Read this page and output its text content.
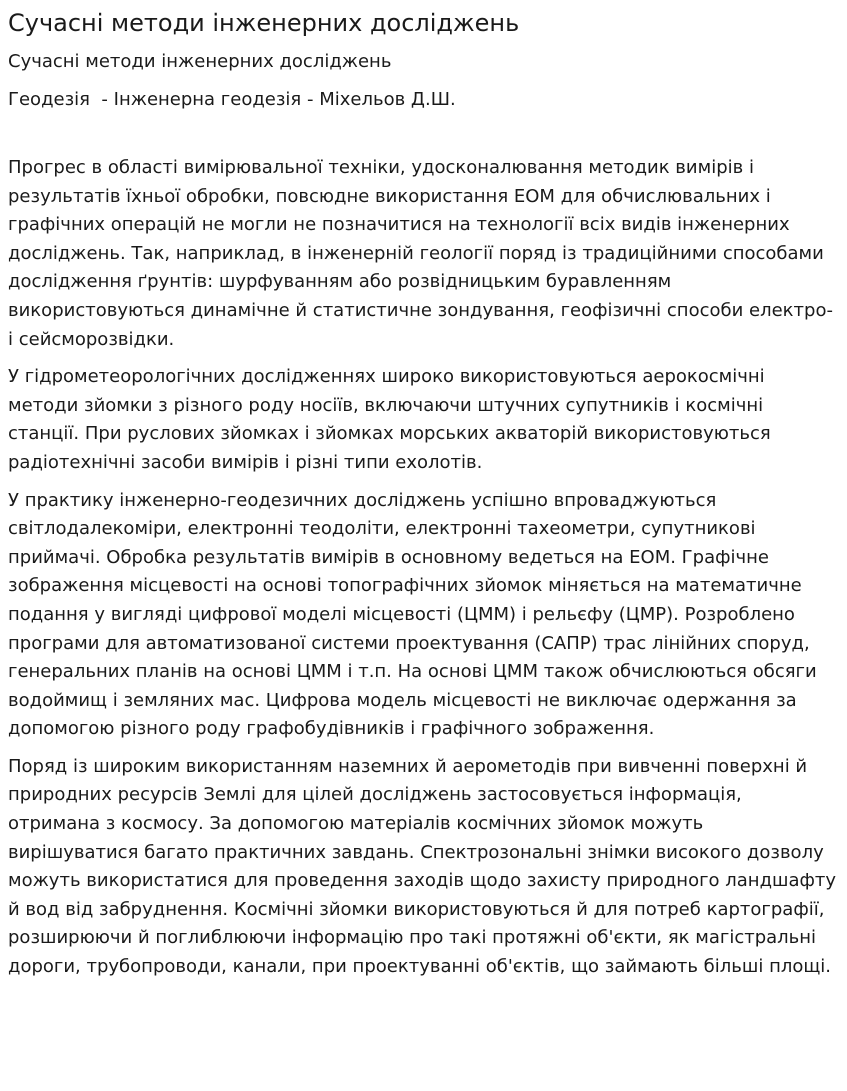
Сучасні методи інженерних досліджень
Сучасні методи інженерних досліджень
Геодезія  - Інженерна геодезія - Міхельов Д.Ш.

Прогрес в області вимірювальної техніки, удосконалювання методик вимірів і результатів їхньої обробки, повсюдне використання ЕОМ для обчислювальних і графічних операцій не могли не позначитися на технології всіх видів інженерних досліджень. Так, наприклад, в інженерній геології поряд із традиційними способами дослідження ґрунтів: шурфуванням або розвідницьким буравленням використовуються динамічне й статистичне зондування, геофізичні способи електро- і сейсморозвідки.

У гідрометеорологічних дослідженнях широко використовуються аерокосмічні методи зйомки з різного роду носіїв, включаючи штучних супутників і космічні станції. При руслових зйомках і зйомках морських акваторій використовуються радіотехнічні засоби вимірів і різні типи ехолотів.

У практику інженерно-геодезичних досліджень успішно впроваджуються світлодалекоміри, електронні теодоліти, електронні тахеометри, супутникові приймачі. Обробка результатів вимірів в основному ведеться на ЕОМ. Графічне зображення місцевості на основі топографічних зйомок міняється на математичне подання у вигляді цифрової моделі місцевості (ЦММ) і рельєфу (ЦМР). Розроблено програми для автоматизованої системи проектування (САПР) трас лінійних споруд, генеральних планів на основі ЦММ і т.п. На основі ЦММ також обчислюються обсяги водоймищ і земляних мас. Цифрова модель місцевості не виключає одержання за допомогою різного роду графобудівників і графічного зображення.

Поряд із широким використанням наземних й аерометодів при вивченні поверхні й природних ресурсів Землі для цілей досліджень застосовується інформація, отримана з космосу. За допомогою матеріалів космічних зйомок можуть вирішуватися багато практичних завдань. Спектрозональні знімки високого дозволу можуть використатися для проведення заходів щодо захисту природного ландшафту й вод від забруднення. Космічні зйомки використовуються й для потреб картографії, розширюючи й поглиблюючи інформацію про такі протяжні об'єкти, як магістральні дороги, трубопроводи, канали, при проектуванні об'єктів, що займають більші площі.
